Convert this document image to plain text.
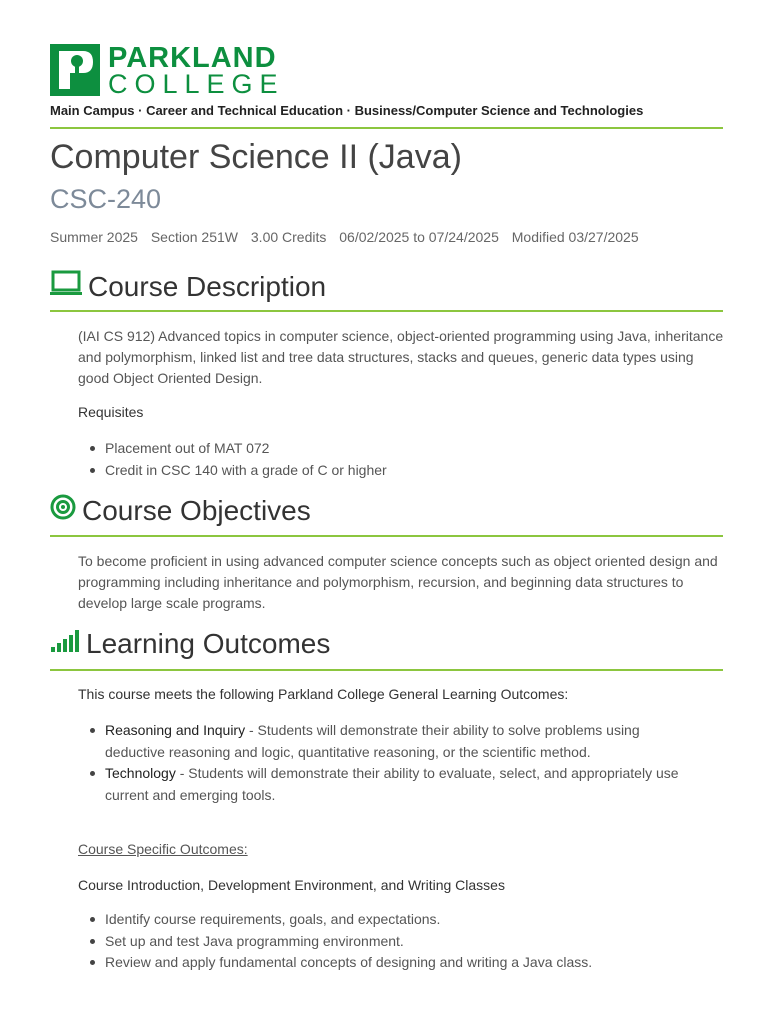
PARKLAND
COLLEGE
Main Campus · Career and Technical Education · Business/Computer Science and Technologies
Computer Science II (Java)
CSC-240
Summer 2025 Section 251W 3.00 Credits 06/02/2025 to 07/24/2025 Modified 03/27/2025
Course Description
(IAI CS 912) Advanced topics in computer science, object-oriented programming using Java, inheritance and polymorphism, linked list and tree data structures, stacks and queues, generic data types using good Object Oriented Design.
Requisites
Placement out of MAT 072
Credit in CSC 140 with a grade of C or higher
Course Objectives
To become proficient in using advanced computer science concepts such as object oriented design and programming including inheritance and polymorphism, recursion, and beginning data structures to develop large scale programs.
Learning Outcomes
This course meets the following Parkland College General Learning Outcomes:
Reasoning and Inquiry - Students will demonstrate their ability to solve problems using deductive reasoning and logic, quantitative reasoning, or the scientific method.
Technology - Students will demonstrate their ability to evaluate, select, and appropriately use current and emerging tools.
Course Specific Outcomes:
Course Introduction, Development Environment, and Writing Classes
Identify course requirements, goals, and expectations.
Set up and test Java programming environment.
Review and apply fundamental concepts of designing and writing a Java class.
